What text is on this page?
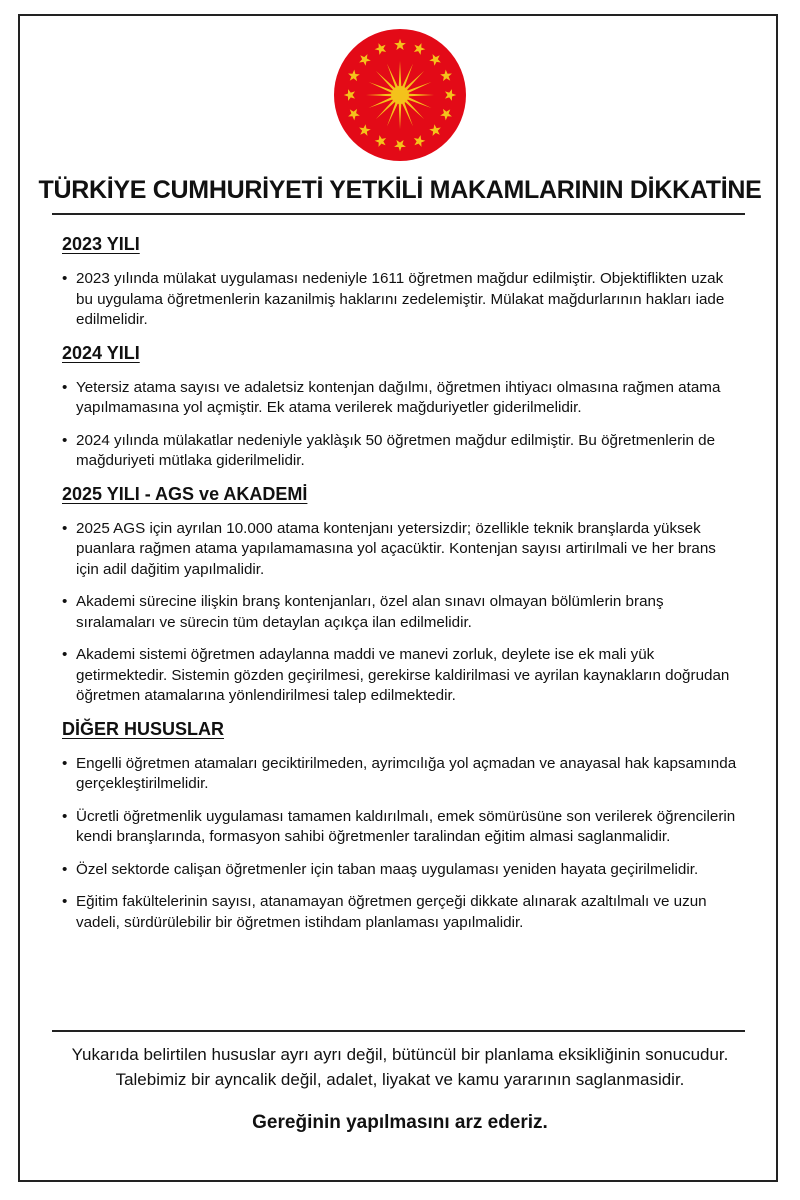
TÜRKİYE CUMHURİYETİ YETKİLİ MAKAMLARININ DİKKATİNE
2023 YILI
• 2023 yılında mülakat uygulaması nedeniyle 1611 öğretmen mağdur edilmiştir. Objektiflikten uzak bu uygulama öğretmenlerin kazanilmiş haklarını zedelemiştir. Mülakat mağdurlarının hakları iade edilmelidir.
2024 YILI
• Yetersiz atama sayısı ve adaletsiz kontenjan dağılmı, öğretmen ihtiyacı olmasına rağmen atama yapılmamasına yol açmiştir. Ek atama verilerek mağduriyetler giderilmelidir.
• 2024 yılında mülakatlar nedeniyle yaklàşık 50 öğretmen mağdur edilmiştir. Bu öğretmenlerin de mağduriyeti mütlaka giderilmelidir.
2025 YILI - AGS ve AKADEMİ
• 2025 AGS için ayrılan 10.000 atama kontenjanı yetersizdir; özellikle teknik branşlarda yüksek puanlara rağmen atama yapılamamasına yol açacüktir. Kontenjan sayısı artirılmali ve her brans için adil dağitim yapılmalidir.
• Akademi sürecine ilişkin branş kontenjanları, özel alan sınavı olmayan bölümlerin branş sıralamaları ve sürecin tüm detaylan açıkça ilan edilmelidir.
• Akademi sistemi öğretmen adaylanna maddi ve manevi zorluk, deylete ise ek mali yük getirmektedir. Sistemin gözden geçirilmesi, gerekirse kaldirilmasi ve ayrilan kaynakların doğrudan öğretmen atamalarına yönlendirilmesi talep edilmektedir.
DİĞER HUSUSLAR
• Engelli öğretmen atamaları geciktirilmeden, ayrimcılığa yol açmadan ve anayasal hak kapsamında gerçekleştirilmelidir.
• Ücretli öğretmenlik uygulaması tamamen kaldırılmalı, emek sömürüsüne son verilerek öğrencilerin kendi branşlarında, formasyon sahibi öğretmenler taralindan eğitim almasi saglanmalidir.
• Özel sektorde calişan öğretmenler için taban maaş uygulaması yeniden hayata geçirilmelidir.
• Eğitim fakültelerinin sayısı, atanamayan öğretmen gerçeği dikkate alınarak azaltılmalı ve uzun vadeli, sürdürülebilir bir öğretmen istihdam planlaması yapılmalidir.

Yukarıda belirtilen hususlar ayrı ayrı değil, bütüncül bir planlama eksikliğinin sonucudur.

Talebimiz bir ayncalik değil, adalet, liyakat ve kamu yararının saglanmasidir.

Gereğinin yapılmasını arz ederiz.
